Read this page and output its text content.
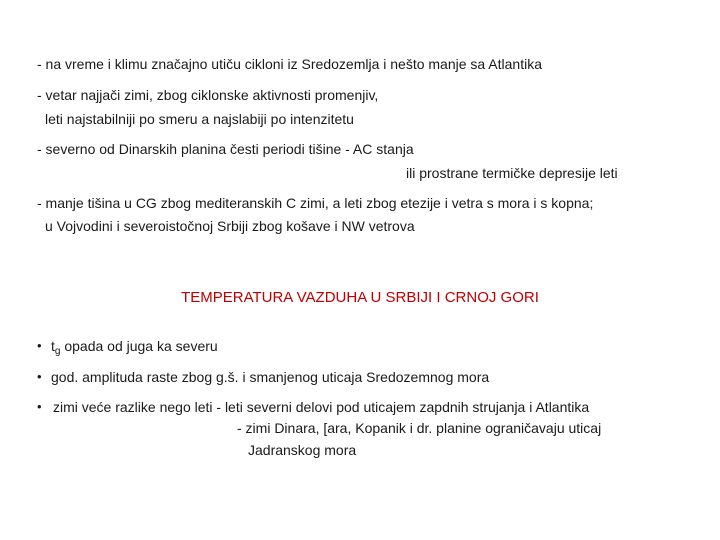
- na vreme i klimu značajno utiču cikloni iz Sredozemlja i nešto manje sa Atlantika
- vetar najjači zimi, zbog ciklonske aktivnosti promenjiv,
leti najstabilniji po smeru a najslabiji po intenzitetu
- severno od Dinarskih planina česti periodi tišine - AC stanja
ili prostrane termičke depresije leti
- manje tišina u CG zbog mediteranskih C zimi, a leti zbog etezije i vetra s mora i s kopna;
u Vojvodini i severoistočnoj Srbiji zbog košave i NW vetrova
TEMPERATURA VAZDUHA U SRBIJI I CRNOJ GORI
• $t_g$ opada od juga ka severu
• god. amplituda raste zbog g.š. i smanjenog uticaja Sredozemnog mora
• zimi veće razlike nego leti - leti severni delovi pod uticajem zapdnih strujanja i Atlantika
- zimi Dinara, [ara, Kopanik i dr. planine ograničavaju uticaj
Jadranskog mora
